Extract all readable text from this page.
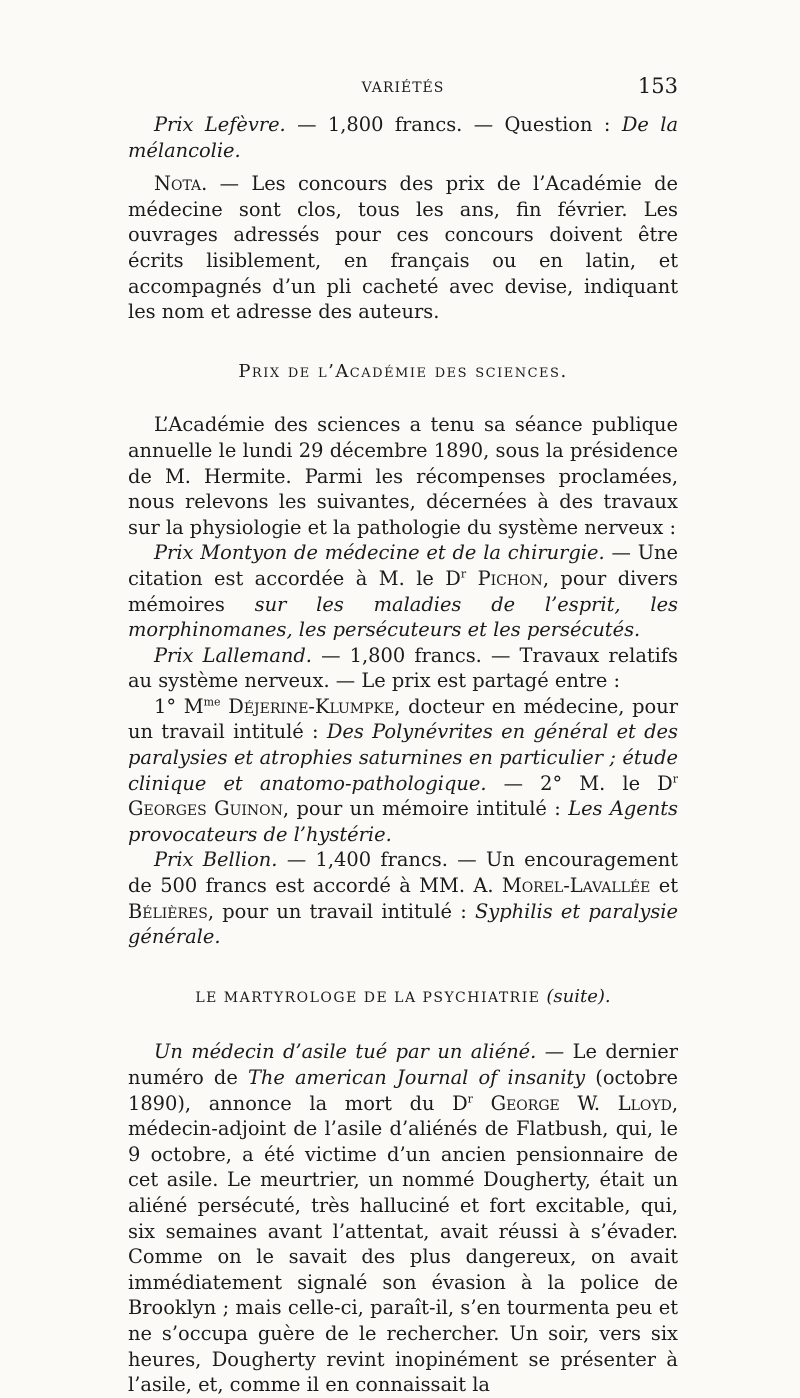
VARIÉTÉS	153

Prix Lefèvre. — 1,800 francs. — Question : De la mélancolie.

Nota. — Les concours des prix de l’Académie de médecine sont clos, tous les ans, fin février. Les ouvrages adressés pour ces concours doivent être écrits lisiblement, en français ou en latin, et accompagnés d’un pli cacheté avec devise, indiquant les nom et adresse des auteurs.

Prix de l’Académie des sciences.

L’Académie des sciences a tenu sa séance publique annuelle le lundi 29 décembre 1890, sous la présidence de M. Hermite. Parmi les récompenses proclamées, nous relevons les suivantes, décernées à des travaux sur la physiologie et la pathologie du système nerveux :

Prix Montyon de médecine et de la chirurgie. — Une citation est accordée à M. le $D^r$ Pichon, pour divers mémoires sur les maladies de l’esprit, les morphinomanes, les persécuteurs et les persécutés.

Prix Lallemand. — 1,800 francs. — Travaux relatifs au système nerveux. — Le prix est partagé entre :

1° $M^{me}$ Déjerine-Klumpke, docteur en médecine, pour un travail intitulé : Des Polynévrites en général et des paralysies et atrophies saturnines en particulier ; étude clinique et anatomo-pathologique. — 2° M. le $D^r$ Georges Guinon, pour un mémoire intitulé : Les Agents provocateurs de l’hystérie.

Prix Bellion. — 1,400 francs. — Un encouragement de 500 francs est accordé à MM. A. Morel-Lavallée et Bélières, pour un travail intitulé : Syphilis et paralysie générale.

LE MARTYROLOGE DE LA PSYCHIATRIE (suite).

Un médecin d’asile tué par un aliéné. — Le dernier numéro de The american Journal of insanity (octobre 1890), annonce la mort du $D^r$ George W. Lloyd, médecin-adjoint de l’asile d’aliénés de Flatbush, qui, le 9 octobre, a été victime d’un ancien pensionnaire de cet asile. Le meurtrier, un nommé Dougherty, était un aliéné persécuté, très halluciné et fort excitable, qui, six semaines avant l’attentat, avait réussi à s’évader. Comme on le savait des plus dangereux, on avait immédiatement signalé son évasion à la police de Brooklyn ; mais celle-ci, paraît-il, s’en tourmenta peu et ne s’occupa guère de le rechercher. Un soir, vers six heures, Dougherty revint inopinément se présenter à l’asile, et, comme il en connaissait la
